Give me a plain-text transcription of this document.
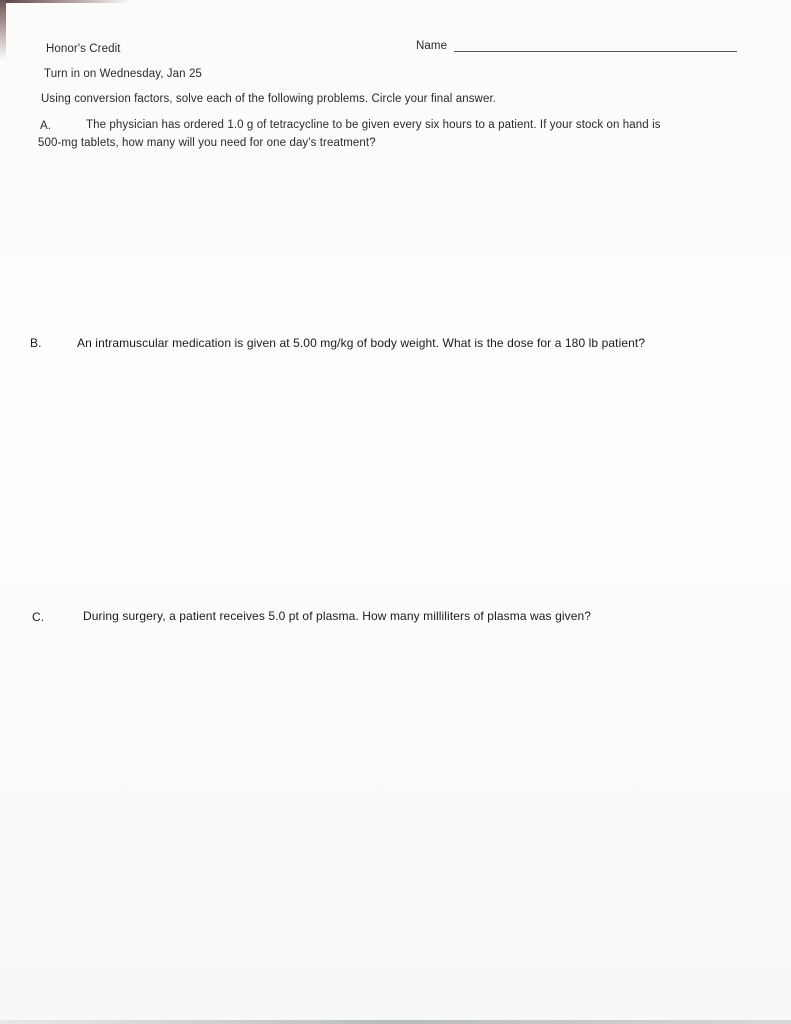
Honor's Credit	Name
Turn in on Wednesday, Jan 25
Using conversion factors, solve each of the following problems. Circle your final answer.
A.	The physician has ordered 1.0 g of tetracycline to be given every six hours to a patient. If your stock on hand is
500-mg tablets, how many will you need for one day's treatment?
B.	An intramuscular medication is given at 5.00 mg/kg of body weight. What is the dose for a 180 lb patient?
C.	During surgery, a patient receives 5.0 pt of plasma. How many milliliters of plasma was given?
